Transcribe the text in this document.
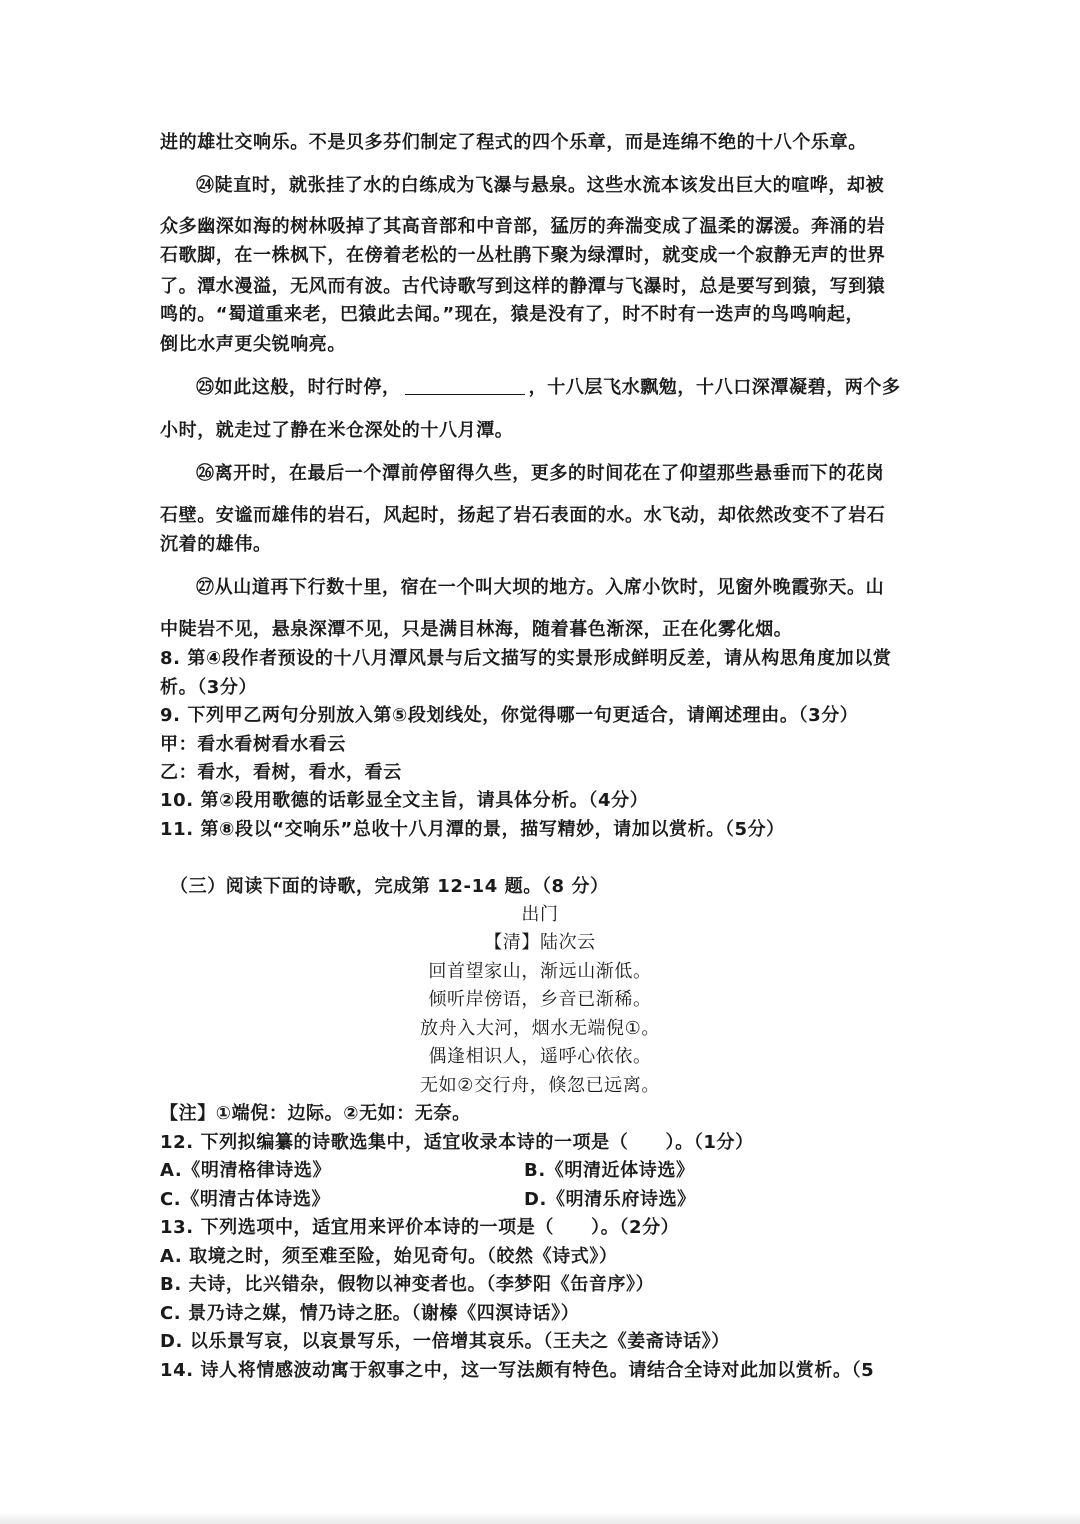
进的雄壮交响乐。不是贝多芬们制定了程式的四个乐章，而是连绵不绝的十八个乐章。
㉔陡直时，就张挂了水的白练成为飞瀑与悬泉。这些水流本该发出巨大的喧哗，却被
众多幽深如海的树林吸掉了其高音部和中音部，猛厉的奔湍变成了温柔的潺湲。奔涌的岩
石歌脚，在一株枫下，在傍着老松的一丛杜鹃下聚为绿潭时，就变成一个寂静无声的世界
了。潭水漫溢，无风而有波。古代诗歌写到这样的静潭与飞瀑时，总是要写到猿，写到猿
鸣的。“蜀道重来老，巴猿此去闻。”现在，猿是没有了，时不时有一迭声的鸟鸣响起，
倒比水声更尖锐响亮。
㉕如此这般，时行时停，	，十八层飞水飘勉，十八口深潭凝碧，两个多
小时，就走过了静在米仓深处的十八月潭。
㉖离开时，在最后一个潭前停留得久些，更多的时间花在了仰望那些悬垂而下的花岗
石壁。安谧而雄伟的岩石，风起时，扬起了岩石表面的水。水飞动，却依然改变不了岩石
沉着的雄伟。
㉗从山道再下行数十里，宿在一个叫大坝的地方。入席小饮时，见窗外晚霞弥天。山
中陡岩不见，悬泉深潭不见，只是满目林海，随着暮色渐深，正在化雾化烟。
8. 第④段作者预设的十八月潭风景与后文描写的实景形成鲜明反差，请从构思角度加以赏
析。（3分）
9. 下列甲乙两句分别放入第⑤段划线处，你觉得哪一句更适合，请阐述理由。（3分）
甲：看水看树看水看云
乙：看水，看树，看水，看云
10. 第②段用歌德的话彰显全文主旨，请具体分析。（4分）
11. 第⑧段以“交响乐”总收十八月潭的景，描写精妙，请加以赏析。（5分）
（三）阅读下面的诗歌，完成第 12-14 题。（8 分）
出门
【清】陆次云
回首望家山，渐远山渐低。
倾听岸傍语，乡音已渐稀。
放舟入大河，烟水无端倪①。
偶逢相识人，遥呼心依依。
无如②交行舟，倏忽已远离。
【注】①端倪：边际。②无如：无奈。
12. 下列拟编纂的诗歌选集中，适宜收录本诗的一项是（　　）。（1分）
A.《明清格律诗选》	B.《明清近体诗选》
C.《明清古体诗选》	D.《明清乐府诗选》
13. 下列选项中，适宜用来评价本诗的一项是（　　）。（2分）
A. 取境之时，须至难至险，始见奇句。（皎然《诗式》）
B. 夫诗，比兴错杂，假物以神变者也。（李梦阳《缶音序》）
C. 景乃诗之媒，情乃诗之胚。（谢榛《四溟诗话》）
D. 以乐景写哀，以哀景写乐，一倍增其哀乐。（王夫之《姜斋诗话》）
14. 诗人将情感波动寓于叙事之中，这一写法颇有特色。请结合全诗对此加以赏析。（5
